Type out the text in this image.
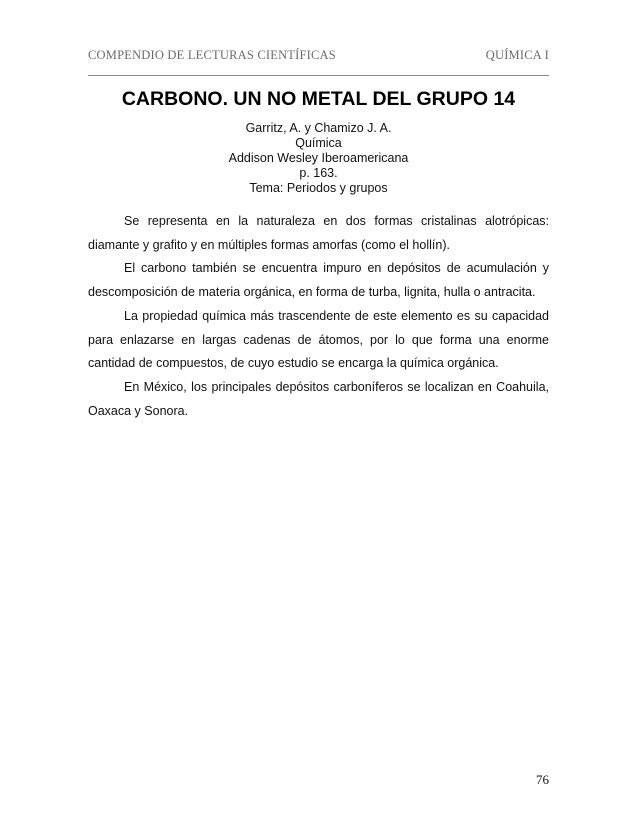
COMPENDIO DE LECTURAS CIENTÍFICAS	QUÍMICA I
CARBONO. UN NO METAL DEL GRUPO 14
Garritz, A. y Chamizo J. A.
Química
Addison Wesley Iberoamericana
p. 163.
Tema: Periodos y grupos

Se representa en la naturaleza en dos formas cristalinas alotrópicas: diamante y grafito y en múltiples formas amorfas (como el hollín).

El carbono también se encuentra impuro en depósitos de acumulación y descomposición de materia orgánica, en forma de turba, lignita, hulla o antracita.

La propiedad química más trascendente de este elemento es su capacidad para enlazarse en largas cadenas de átomos, por lo que forma una enorme cantidad de compuestos, de cuyo estudio se encarga la química orgánica.

En México, los principales depósitos carboníferos se localizan en Coahuila, Oaxaca y Sonora.

76
